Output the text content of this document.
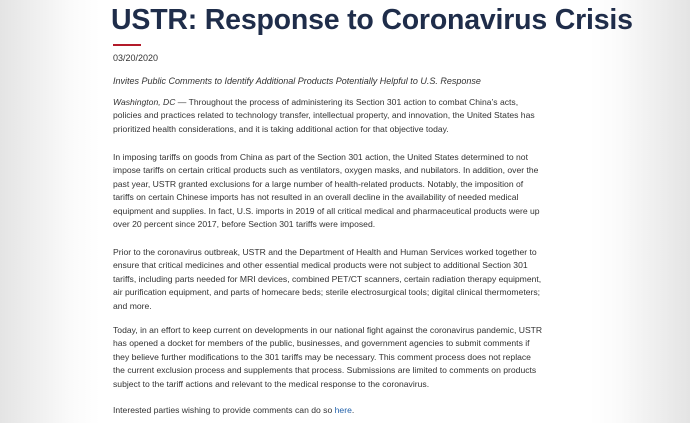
USTR: Response to Coronavirus Crisis
03/20/2020
Invites Public Comments to Identify Additional Products Potentially Helpful to U.S. Response

Washington, DC — Throughout the process of administering its Section 301 action to combat China’s acts,
policies and practices related to technology transfer, intellectual property, and innovation, the United States has
prioritized health considerations, and it is taking additional action for that objective today.

In imposing tariffs on goods from China as part of the Section 301 action, the United States determined to not
impose tariffs on certain critical products such as ventilators, oxygen masks, and nubilators. In addition, over the
past year, USTR granted exclusions for a large number of health-related products. Notably, the imposition of
tariffs on certain Chinese imports has not resulted in an overall decline in the availability of needed medical
equipment and supplies. In fact, U.S. imports in 2019 of all critical medical and pharmaceutical products were up
over 20 percent since 2017, before Section 301 tariffs were imposed.

Prior to the coronavirus outbreak, USTR and the Department of Health and Human Services worked together to
ensure that critical medicines and other essential medical products were not subject to additional Section 301
tariffs, including parts needed for MRI devices, combined PET/CT scanners, certain radiation therapy equipment,
air purification equipment, and parts of homecare beds; sterile electrosurgical tools; digital clinical thermometers;
and more.

Today, in an effort to keep current on developments in our national fight against the coronavirus pandemic, USTR
has opened a docket for members of the public, businesses, and government agencies to submit comments if
they believe further modifications to the 301 tariffs may be necessary. This comment process does not replace
the current exclusion process and supplements that process. Submissions are limited to comments on products
subject to the tariff actions and relevant to the medical response to the coronavirus.

Interested parties wishing to provide comments can do so here.
